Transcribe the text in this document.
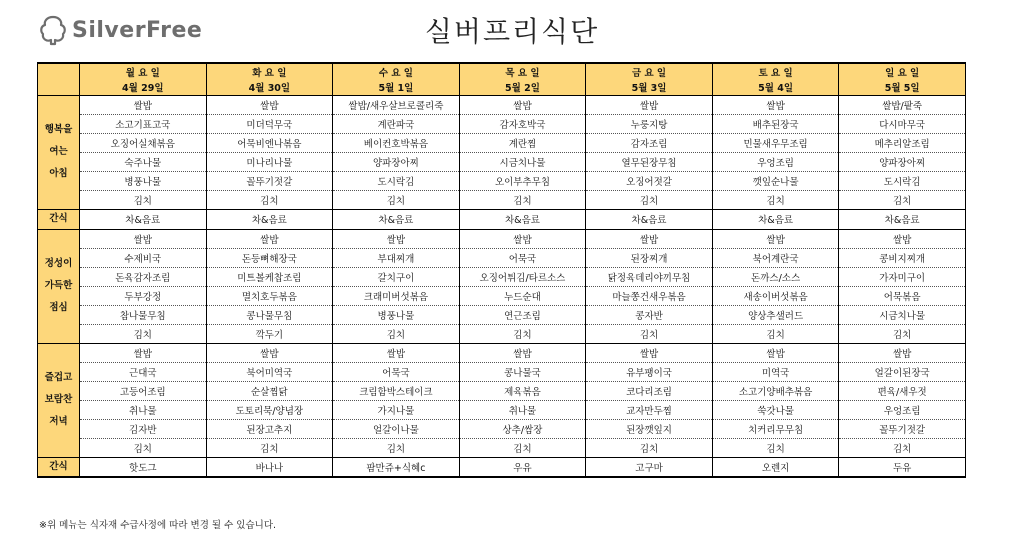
SilverFree	실버프리식단
	월 요 일	화 요 일	수 요 일	목 요 일	금 요 일	토 요 일	일 요 일
	4월 29일	4월 30일	5월 1일	5월 2일	5월 3일	5월 4일	5월 5일

행복을
여는
아침	쌀밥	쌀밥	쌀밥/새우살브로콜리죽	쌀밥	쌀밥	쌀밥	쌀밥/팥죽
	소고기표고국	미더덕무국	계란파국	감자호박국	누룽지탕	배추된장국	다시마무국
	오징어실채볶음	어묵비엔나볶음	베이컨호박볶음	계란찜	감자조림	민물새우무조림	메추리알조림
	숙주나물	미나리나물	양파장아찌	시금치나물	열무된장무침	우엉조림	양파장아찌
	병풍나물	꼴뚜기젓갈	도시락김	오이부추무침	오징어젓갈	깻잎순나물	도시락김
	김치	김치	김치	김치	김치	김치	김치
간식	차&음료	차&음료	차&음료	차&음료	차&음료	차&음료	차&음료

정성이
가득한
점심	쌀밥	쌀밥	쌀밥	쌀밥	쌀밥	쌀밥	쌀밥
	수제비국	돈등뼈해장국	부대찌개	어묵국	된장찌개	북어계란국	콩비지찌개
	돈육감자조림	미트볼케찹조림	갈치구이	오징어튀김/타르소스	닭정육데리야끼무침	돈까스/소스	가자미구이
	두부강정	멸치호두볶음	크래미버섯볶음	누드순대	마늘쫑건새우볶음	새송이버섯볶음	어묵볶음
	참나물무침	콩나물무침	병풍나물	연근조림	콩자반	양상추샐러드	시금치나물
	김치	깍두기	김치	김치	김치	김치	김치

즐겁고
보람찬
저녁	쌀밥	쌀밥	쌀밥	쌀밥	쌀밥	쌀밥	쌀밥
	근대국	북어미역국	어묵국	콩나물국	유부팽이국	미역국	얼갈이된장국
	고등어조림	순살찜닭	크림함박스테이크	제육볶음	코다리조림	소고기양배추볶음	편육/새우젓
	취나물	도토리묵/양념장	가지나물	취나물	교자만두찜	쑥갓나물	우엉조림
	김자반	된장고추지	얼갈이나물	상추/쌈장	된장깻잎지	치커리무무침	꼴뚜기젓갈
	김치	김치	김치	김치	김치	김치	김치
간식	핫도그	바나나	팜만쥬+식혜c	우유	고구마	오렌지	두유
※위 메뉴는 식자재 수급사정에 따라 변경 될 수 있습니다.
